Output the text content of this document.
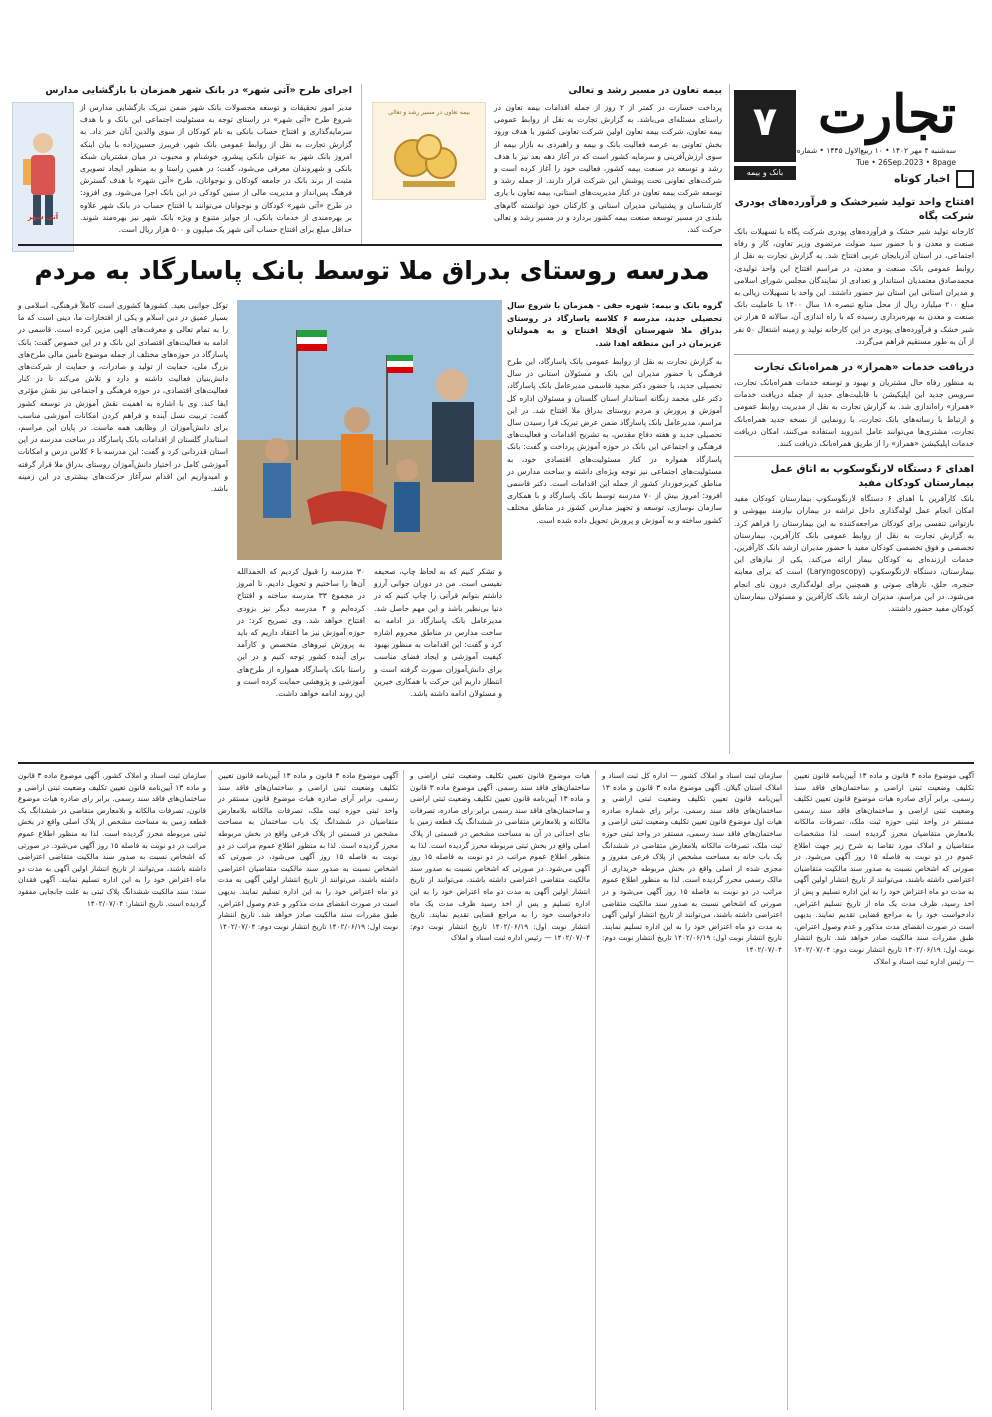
تجارت
۷
سه‌شنبه ۴ مهر ۱۴۰۲ • ۱۰ ربیع‌الاول ۱۴۴۵ • شماره ۴۸۰۸
Tue • 26Sep.2023 • 8page
بانک و بیمه
اخبار کوتاه
افتتاح واحد تولید شیرخشک و فرآورده‌های پودری شرکت پگاه

کارخانه تولید شیر خشک و فرآورده‌های پودری شرکت پگاه با تسهیلات بانک صنعت و معدن و با حضور سید صولت مرتضوی وزیر تعاون، کار و رفاه اجتماعی، در استان آذربایجان غربی افتتاح شد. به گزارش تجارت به نقل از روابط عمومی بانک صنعت و معدن، در مراسم افتتاح این واحد تولیدی، محمدصادق معتمدیان استاندار و تعدادی از نمایندگان مجلس شورای اسلامی و مدیران استانی این استان نیز حضور داشتند. این واحد با تسهیلات ریالی به مبلغ ۲۰۰ میلیارد ریال از محل منابع تبصره ۱۸ سال ۱۴۰۰ با عاملیت بانک صنعت و معدن به بهره‌برداری رسیده که با راه اندازی آن، سالانه ۵ هزار تن شیر خشک و فرآورده‌های پودری در این کارخانه تولید و زمینه اشتغال ۵۰ نفر از آن به طور مستقیم فراهم می‌گردد.

دریافت خدمات «همراز» در همراه‌بانک تجارت

به منظور رفاه حال مشتریان و بهبود و توسعه خدمات همراه‌بانک تجارت، سرویس جدید این اپلیکیشن با قابلیت‌های جدید از جمله دریافت خدمات «همراز» راه‌اندازی شد. به گزارش تجارت به نقل از مدیریت روابط عمومی و ارتباط با رسانه‌های بانک تجارت، با رونمایی از نسخه جدید همراه‌بانک تجارت، مشتری‌ها می‌توانند عامل اندروید استفاده می‌کنند، امکان دریافت خدمات اپلیکیشن «همراز» را از طریق همراه‌بانک دریافت کنند.

اهدای ۶ دستگاه لارنگوسکوپ به اتاق عمل بیمارستان کودکان مفید

بانک کارآفرین با اهدای ۶ دستگاه لارنگوسکوپ بیمارستان کودکان مفید امکان انجام عمل لوله‌گذاری داخل تراشه در بیماران نیازمند بیهوشی و بازتوانی تنفسی برای کودکان مراجعه‌کننده به این بیمارستان را فراهم کرد. به گزارش تجارت به نقل از روابط عمومی بانک کارآفرین، بیمارستان تخصصی و فوق تخصصی کودکان مفید با حضور مدیران ارشد بانک کارآفرین، خدمات ارزنده‌ای به کودکان بیمار ارائه می‌کند. یکی از نیازهای این بیمارستان، دستگاه لارنگوسکوپ (Laryngoscopy) است که برای معاینه حنجره، حلق، تارهای صوتی و همچنین برای لوله‌گذاری درون نای انجام می‌شود. در این مراسم، مدیران ارشد بانک کارآفرین و مسئولان بیمارستان کودکان مفید حضور داشتند.

بیمه تعاون در مسیر رشد و تعالی

پرداخت خسارت در کمتر از ۲ روز از جمله اقدامات بیمه تعاون در راستای مسئله‌ای می‌باشد. به گزارش تجارت به نقل از روابط عمومی بیمه تعاون، شرکت بیمه تعاون اولین شرکت تعاونی کشور با هدف ورود بخش تعاونی به عرصه فعالیت بانک و بیمه و راهبردی به بازار بیمه از سوی ارزش‌آفرینی و سرمایه کشور است که در آغاز دهه بعد نیز با هدف رشد و توسعه در صنعت بیمه کشور، فعالیت خود را آغاز کرده است و شرکت‌های تعاونی تحت پوشش این شرکت قرار دارند. از جمله رشد و توسعه شرکت بیمه تعاون در کنار مدیریت‌های استانی، بیمه تعاون با یاری کارشناسان و پشتیبانی مدیران استانی و کارکنان خود توانسته گام‌های بلندی در مسیر توسعه صنعت بیمه کشور بردارد و در مسیر رشد و تعالی حرکت کند.

بیمه تعاون در مسیر رشد و تعالی
اجرای طرح «آتی شهر» در بانک شهر همزمان با بازگشایی مدارس

مدیر امور تحقیقات و توسعه محصولات بانک شهر ضمن تبریک بازگشایی مدارس از شروع طرح «آتی شهر» در راستای توجه به مسئولیت اجتماعی این بانک و با هدف سرمایه‌گذاری و افتتاح حساب بانکی به نام کودکان از سوی والدین آنان خبر داد. به گزارش تجارت به نقل از روابط عمومی بانک شهر، فریبرز حسین‌زاده با بیان اینکه امروز بانک شهر به عنوان بانکی پیشرو، خوشنام و محبوب در میان مشتریان شبکه بانکی و شهروندان معرفی می‌شود، گفت: در همین راستا و به منظور ایجاد تصویری مثبت از برند بانک در جامعه کودکان و نوجوانان، طرح «آتی شهر» با هدف گسترش فرهنگ پس‌انداز و مدیریت مالی از سنین کودکی در این بانک اجرا می‌شود. وی افزود: در طرح «آتی شهر» کودکان و نوجوانان می‌توانند با افتتاح حساب در بانک شهر علاوه بر بهره‌مندی از خدمات بانکی، از جوایز متنوع و ویژه بانک شهر نیز بهره‌مند شوند. حداقل مبلغ برای افتتاح حساب آتی شهر یک میلیون و ۵۰۰ هزار ریال است.

آتی شهر
مدرسه روستای بدراق ملا توسط بانک پاسارگاد به مردم

گروه بانک و بیمه: شهره حقی - همزمان با شروع سال تحصیلی جدید، مدرسه ۶ کلاسه پاسارگاد در روستای بدراق ملا شهرستان آق‌قلا افتتاح و به همولتان عزیزمان در این منطقه اهدا شد.

به گزارش تجارت به نقل از روابط عمومی بانک پاسارگاد، این طرح فرهنگی با حضور مدیران این بانک و مسئولان استانی در سال تحصیلی جدید، با حضور دکتر مجید قاسمی مدیرعامل بانک پاسارگاد، دکتر علی محمد زنگانه استاندار استان گلستان و مسئولان اداره کل آموزش و پرورش و مردم روستای بدراق ملا افتتاح شد. در این مراسم، مدیرعامل بانک پاسارگاد ضمن عرض تبریک فرا رسیدن سال تحصیلی جدید و هفته دفاع مقدس، به تشریح اقدامات و فعالیت‌های فرهنگی و اجتماعی این بانک در حوزه آموزش پرداخت و گفت: بانک پاسارگاد همواره در کنار مسئولیت‌های اقتصادی خود، به مسئولیت‌های اجتماعی نیز توجه ویژه‌ای داشته و ساخت مدارس در مناطق کم‌برخوردار کشور از جمله این اقدامات است. دکتر قاسمی افزود: امروز بیش از ۷۰ مدرسه توسط بانک پاسارگاد و با همکاری سازمان نوسازی، توسعه و تجهیز مدارس کشور در مناطق مختلف کشور ساخته و به آموزش و پرورش تحویل داده شده است.

و تشکر کنیم که به لحاظ چاپ، صحیفه نفیسی است. من در دوران جوانی آرزو داشتم بتوانم قرآنی را چاپ کنیم که در دنیا بی‌نظیر باشد و این مهم حاصل شد. مدیرعامل بانک پاسارگاد در ادامه به ساخت مدارس در مناطق محروم اشاره کرد و گفت: این اقدامات به منظور بهبود کیفیت آموزشی و ایجاد فضای مناسب برای دانش‌آموزان صورت گرفته است و انتظار داریم این حرکت با همکاری خیرین و مسئولان ادامه داشته باشد.

۳۰ مدرسه را قبول کردیم که الحمدالله آن‌ها را ساختیم و تحویل دادیم. تا امروز در مجموع ۳۳ مدرسه ساخته و افتتاح کرده‌ایم و ۴ مدرسه دیگر نیز بزودی افتتاح خواهد شد. وی تصریح کرد: در حوزه آموزش نیز ما اعتقاد داریم که باید به پرورش نیروهای متخصص و کارآمد برای آینده کشور توجه کنیم و در این راستا بانک پاسارگاد همواره از طرح‌های آموزشی و پژوهشی حمایت کرده است و این روند ادامه خواهد داشت.

توکل جوانبی بعید. کشورها کشوری است کاملاً فرهنگی، اسلامی و بسیار عمیق در دین اسلام و یکی از افتخارات ما، دینی است که ما را به تمام تعالی و معرفت‌های الهی مزین کرده است. قاسمی در ادامه به فعالیت‌های اقتصادی این بانک و در این خصوص گفت: بانک پاسارگاد در حوزه‌های مختلف از جمله موضوع تأمین مالی طرح‌های بزرگ ملی، حمایت از تولید و صادرات، و حمایت از شرکت‌های دانش‌بنیان فعالیت داشته و دارد و تلاش می‌کند تا در کنار فعالیت‌های اقتصادی، در حوزه فرهنگی و اجتماعی نیز نقش مؤثری ایفا کند. وی با اشاره به اهمیت نقش آموزش در توسعه کشور گفت: تربیت نسل آینده و فراهم کردن امکانات آموزشی مناسب برای دانش‌آموزان از وظایف همه ماست. در پایان این مراسم، استاندار گلستان از اقدامات بانک پاسارگاد در ساخت مدرسه در این استان قدردانی کرد و گفت: این مدرسه با ۶ کلاس درس و امکانات آموزشی کامل در اختیار دانش‌آموزان روستای بدراق ملا قرار گرفته و امیدواریم این اقدام سرآغاز حرکت‌های بیشتری در این زمینه باشد.

آگهی موضوع ماده ۳ قانون و ماده ۱۳ آیین‌نامه قانون تعیین تکلیف وضعیت ثبتی اراضی و ساختمان‌های فاقد سند رسمی. برابر آرای صادره هیات موضوع قانون تعیین تکلیف وضعیت ثبتی اراضی و ساختمان‌های فاقد سند رسمی مستقر در واحد ثبتی حوزه ثبت ملک، تصرفات مالکانه بلامعارض متقاضیان محرز گردیده است. لذا مشخصات متقاضیان و املاک مورد تقاضا به شرح زیر جهت اطلاع عموم در دو نوبت به فاصله ۱۵ روز آگهی می‌شود. در صورتی که اشخاص نسبت به صدور سند مالکیت متقاضیان اعتراضی داشته باشند، می‌توانند از تاریخ انتشار اولین آگهی به مدت دو ماه اعتراض خود را به این اداره تسلیم و پس از اخذ رسید، ظرف مدت یک ماه از تاریخ تسلیم اعتراض، دادخواست خود را به مراجع قضایی تقدیم نمایند. بدیهی است در صورت انقضای مدت مذکور و عدم وصول اعتراض، طبق مقررات سند مالکیت صادر خواهد شد. تاریخ انتشار نوبت اول: ۱۴۰۲/۰۶/۱۹ تاریخ انتشار نوبت دوم: ۱۴۰۲/۰۷/۰۴ — رئیس اداره ثبت اسناد و املاک

سازمان ثبت اسناد و املاک کشور — اداره کل ثبت اسناد و املاک استان گیلان. آگهی موضوع ماده ۳ قانون و ماده ۱۳ آیین‌نامه قانون تعیین تکلیف وضعیت ثبتی اراضی و ساختمان‌های فاقد سند رسمی. برابر رای شماره صادره هیات اول موضوع قانون تعیین تکلیف وضعیت ثبتی اراضی و ساختمان‌های فاقد سند رسمی، مستقر در واحد ثبتی حوزه ثبت ملک، تصرفات مالکانه بلامعارض متقاضی در ششدانگ یک باب خانه به مساحت مشخص از پلاک فرعی مفروز و مجزی شده از اصلی واقع در بخش مربوطه خریداری از مالک رسمی محرز گردیده است. لذا به منظور اطلاع عموم مراتب در دو نوبت به فاصله ۱۵ روز آگهی می‌شود و در صورتی که اشخاص نسبت به صدور سند مالکیت متقاضی اعتراضی داشته باشند، می‌توانند از تاریخ انتشار اولین آگهی به مدت دو ماه اعتراض خود را به این اداره تسلیم نمایند. تاریخ انتشار نوبت اول: ۱۴۰۲/۰۶/۱۹ تاریخ انتشار نوبت دوم: ۱۴۰۲/۰۷/۰۴

هیات موضوع قانون تعیین تکلیف وضعیت ثبتی اراضی و ساختمان‌های فاقد سند رسمی. آگهی موضوع ماده ۳ قانون و ماده ۱۳ آیین‌نامه قانون تعیین تکلیف وضعیت ثبتی اراضی و ساختمان‌های فاقد سند رسمی برابر رای صادره، تصرفات مالکانه و بلامعارض متقاضی در ششدانگ یک قطعه زمین با بنای احداثی در آن به مساحت مشخص در قسمتی از پلاک اصلی واقع در بخش ثبتی مربوطه محرز گردیده است. لذا به منظور اطلاع عموم مراتب در دو نوبت به فاصله ۱۵ روز آگهی می‌شود. در صورتی که اشخاص نسبت به صدور سند مالکیت متقاضی اعتراضی داشته باشند، می‌توانند از تاریخ انتشار اولین آگهی به مدت دو ماه اعتراض خود را به این اداره تسلیم و پس از اخذ رسید ظرف مدت یک ماه دادخواست خود را به مراجع قضایی تقدیم نمایند. تاریخ انتشار نوبت اول: ۱۴۰۲/۰۶/۱۹ تاریخ انتشار نوبت دوم: ۱۴۰۲/۰۷/۰۴ — رئیس اداره ثبت اسناد و املاک

آگهی موضوع ماده ۳ قانون و ماده ۱۳ آیین‌نامه قانون تعیین تکلیف وضعیت ثبتی اراضی و ساختمان‌های فاقد سند رسمی. برابر آرای صادره هیات موضوع قانون مستقر در واحد ثبتی حوزه ثبت ملک، تصرفات مالکانه بلامعارض متقاضیان در ششدانگ یک باب ساختمان به مساحت مشخص در قسمتی از پلاک فرعی واقع در بخش مربوطه محرز گردیده است. لذا به منظور اطلاع عموم مراتب در دو نوبت به فاصله ۱۵ روز آگهی می‌شود، در صورتی که اشخاص نسبت به صدور سند مالکیت متقاضیان اعتراضی داشته باشند، می‌توانند از تاریخ انتشار اولین آگهی به مدت دو ماه اعتراض خود را به این اداره تسلیم نمایند. بدیهی است در صورت انقضای مدت مذکور و عدم وصول اعتراض، طبق مقررات سند مالکیت صادر خواهد شد. تاریخ انتشار نوبت اول: ۱۴۰۲/۰۶/۱۹ تاریخ انتشار نوبت دوم: ۱۴۰۲/۰۷/۰۴

سازمان ثبت اسناد و املاک کشور. آگهی موضوع ماده ۳ قانون و ماده ۱۳ آیین‌نامه قانون تعیین تکلیف وضعیت ثبتی اراضی و ساختمان‌های فاقد سند رسمی. برابر رای صادره هیات موضوع قانون، تصرفات مالکانه و بلامعارض متقاضی در ششدانگ یک قطعه زمین به مساحت مشخص از پلاک اصلی واقع در بخش ثبتی مربوطه محرز گردیده است. لذا به منظور اطلاع عموم مراتب در دو نوبت به فاصله ۱۵ روز آگهی می‌شود. در صورتی که اشخاص نسبت به صدور سند مالکیت متقاضی اعتراضی داشته باشند، می‌توانند از تاریخ انتشار اولین آگهی به مدت دو ماه اعتراض خود را به این اداره تسلیم نمایند. آگهی فقدان سند: سند مالکیت ششدانگ پلاک ثبتی به علت جابجایی مفقود گردیده است. تاریخ انتشار: ۱۴۰۲/۰۷/۰۴
